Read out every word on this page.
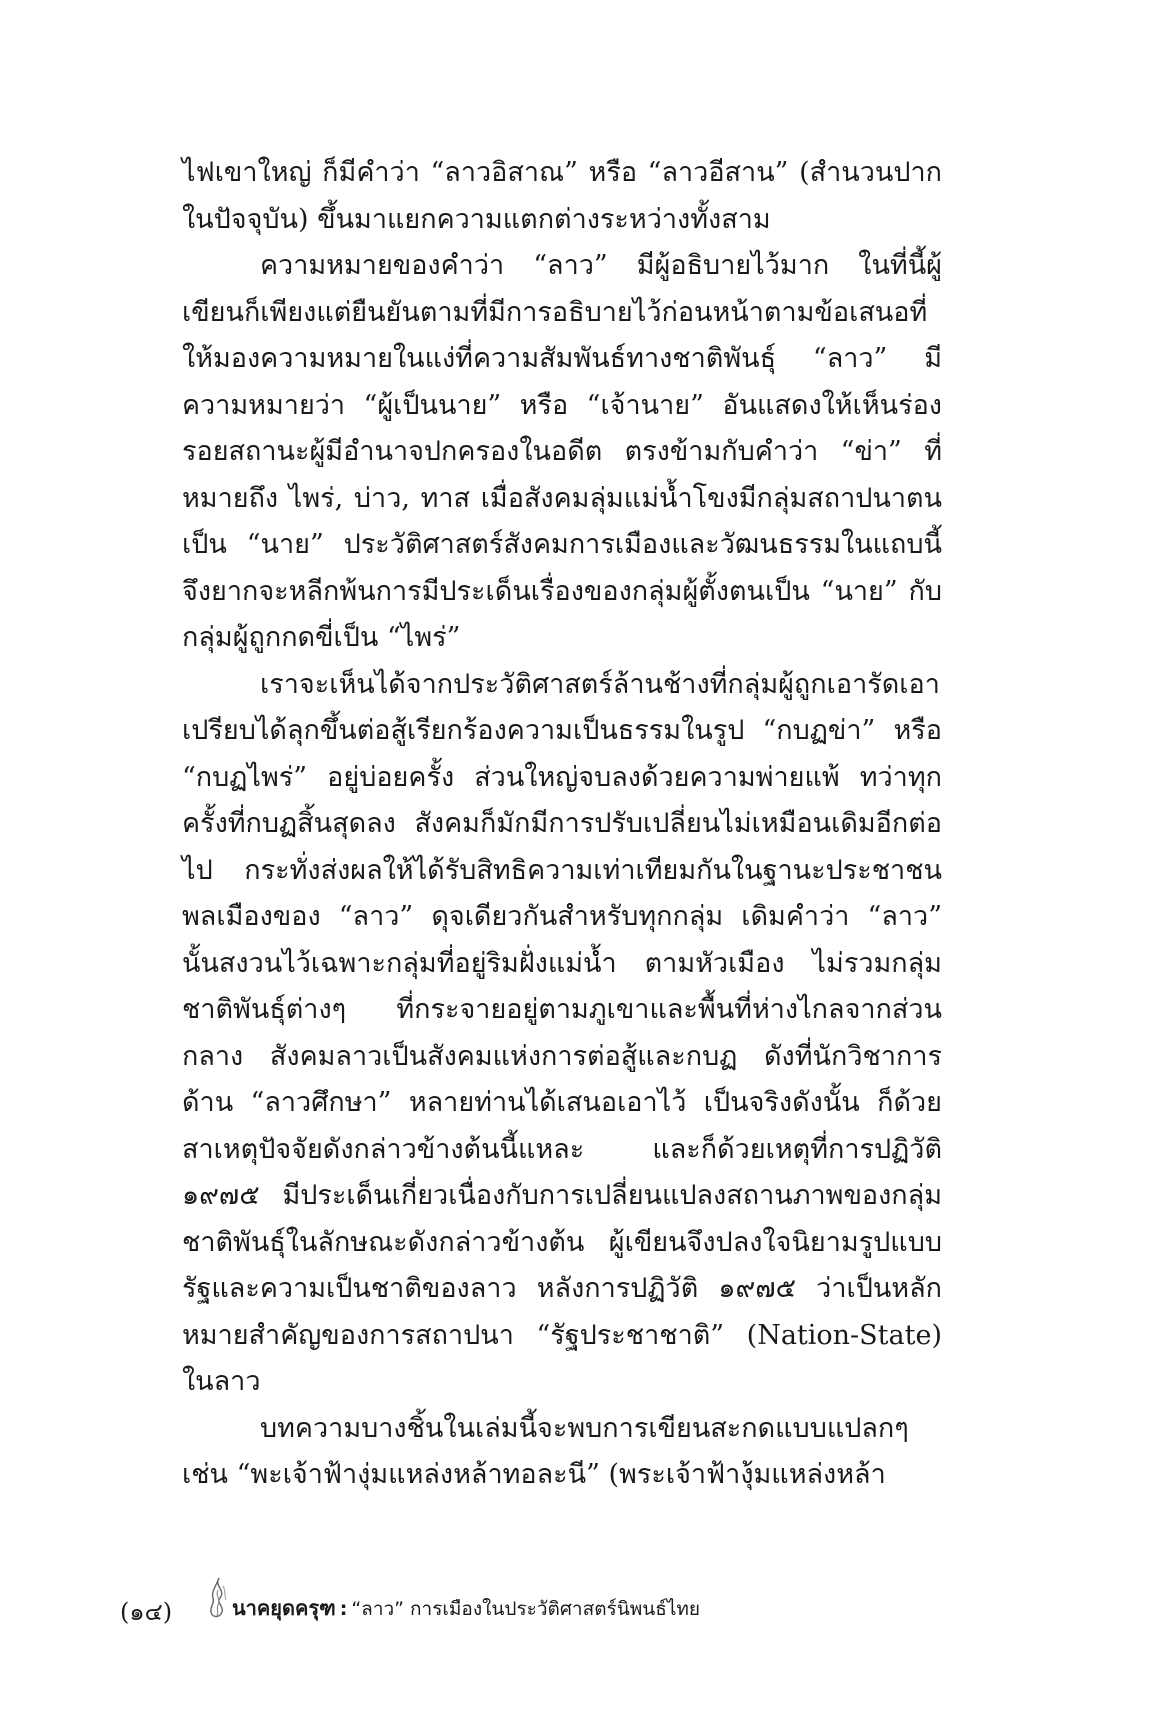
ไฟเขาใหญ่ ก็มีคำว่า “ลาวอิสาณ” หรือ “ลาวอีสาน” (สำนวนปากในปัจจุบัน) ขึ้นมาแยกความแตกต่างระหว่างทั้งสาม

ความหมายของคำว่า “ลาว” มีผู้อธิบายไว้มาก ในที่นี้ผู้เขียนก็เพียงแต่ยืนยันตามที่มีการอธิบายไว้ก่อนหน้าตามข้อเสนอที่ให้มองความหมายในแง่ที่ความสัมพันธ์ทางชาติพันธุ์ “ลาว” มีความหมายว่า “ผู้เป็นนาย” หรือ “เจ้านาย” อันแสดงให้เห็นร่องรอยสถานะผู้มีอำนาจปกครองในอดีต ตรงข้ามกับคำว่า “ข่า” ที่หมายถึง ไพร่, บ่าว, ทาส เมื่อสังคมลุ่มแม่น้ำโขงมีกลุ่มสถาปนาตนเป็น “นาย” ประวัติศาสตร์สังคมการเมืองและวัฒนธรรมในแถบนี้จึงยากจะหลีกพ้นการมีประเด็นเรื่องของกลุ่มผู้ตั้งตนเป็น “นาย” กับกลุ่มผู้ถูกกดขี่เป็น “ไพร่”

เราจะเห็นได้จากประวัติศาสตร์ล้านช้างที่กลุ่มผู้ถูกเอารัดเอาเปรียบได้ลุกขึ้นต่อสู้เรียกร้องความเป็นธรรมในรูป “กบฏข่า” หรือ “กบฏไพร่” อยู่บ่อยครั้ง ส่วนใหญ่จบลงด้วยความพ่ายแพ้ ทว่าทุกครั้งที่กบฏสิ้นสุดลง สังคมก็มักมีการปรับเปลี่ยนไม่เหมือนเดิมอีกต่อไป กระทั่งส่งผลให้ได้รับสิทธิความเท่าเทียมกันในฐานะประชาชนพลเมืองของ “ลาว” ดุจเดียวกันสำหรับทุกกลุ่ม เดิมคำว่า “ลาว” นั้นสงวนไว้เฉพาะกลุ่มที่อยู่ริมฝั่งแม่น้ำ ตามหัวเมือง ไม่รวมกลุ่มชาติพันธุ์ต่างๆ ที่กระจายอยู่ตามภูเขาและพื้นที่ห่างไกลจากส่วนกลาง สังคมลาวเป็นสังคมแห่งการต่อสู้และกบฏ ดังที่นักวิชาการด้าน “ลาวศึกษา” หลายท่านได้เสนอเอาไว้ เป็นจริงดังนั้น ก็ด้วยสาเหตุปัจจัยดังกล่าวข้างต้นนี้แหละ และก็ด้วยเหตุที่การปฏิวัติ ๑๙๗๕ มีประเด็นเกี่ยวเนื่องกับการเปลี่ยนแปลงสถานภาพของกลุ่มชาติพันธุ์ในลักษณะดังกล่าวข้างต้น ผู้เขียนจึงปลงใจนิยามรูปแบบรัฐและความเป็นชาติของลาว หลังการปฏิวัติ ๑๙๗๕ ว่าเป็นหลักหมายสำคัญของการสถาปนา “รัฐประชาชาติ” (Nation-State) ในลาว

บทความบางชิ้นในเล่มนี้จะพบการเขียนสะกดแบบแปลกๆ เช่น “พะเจ้าฟ้างุ่มแหล่งหล้าทอละนี” (พระเจ้าฟ้างุ้มแหล่งหล้า

(๑๔)	นาคยุดครุฑ : “ลาว” การเมืองในประวัติศาสตร์นิพนธ์ไทย
